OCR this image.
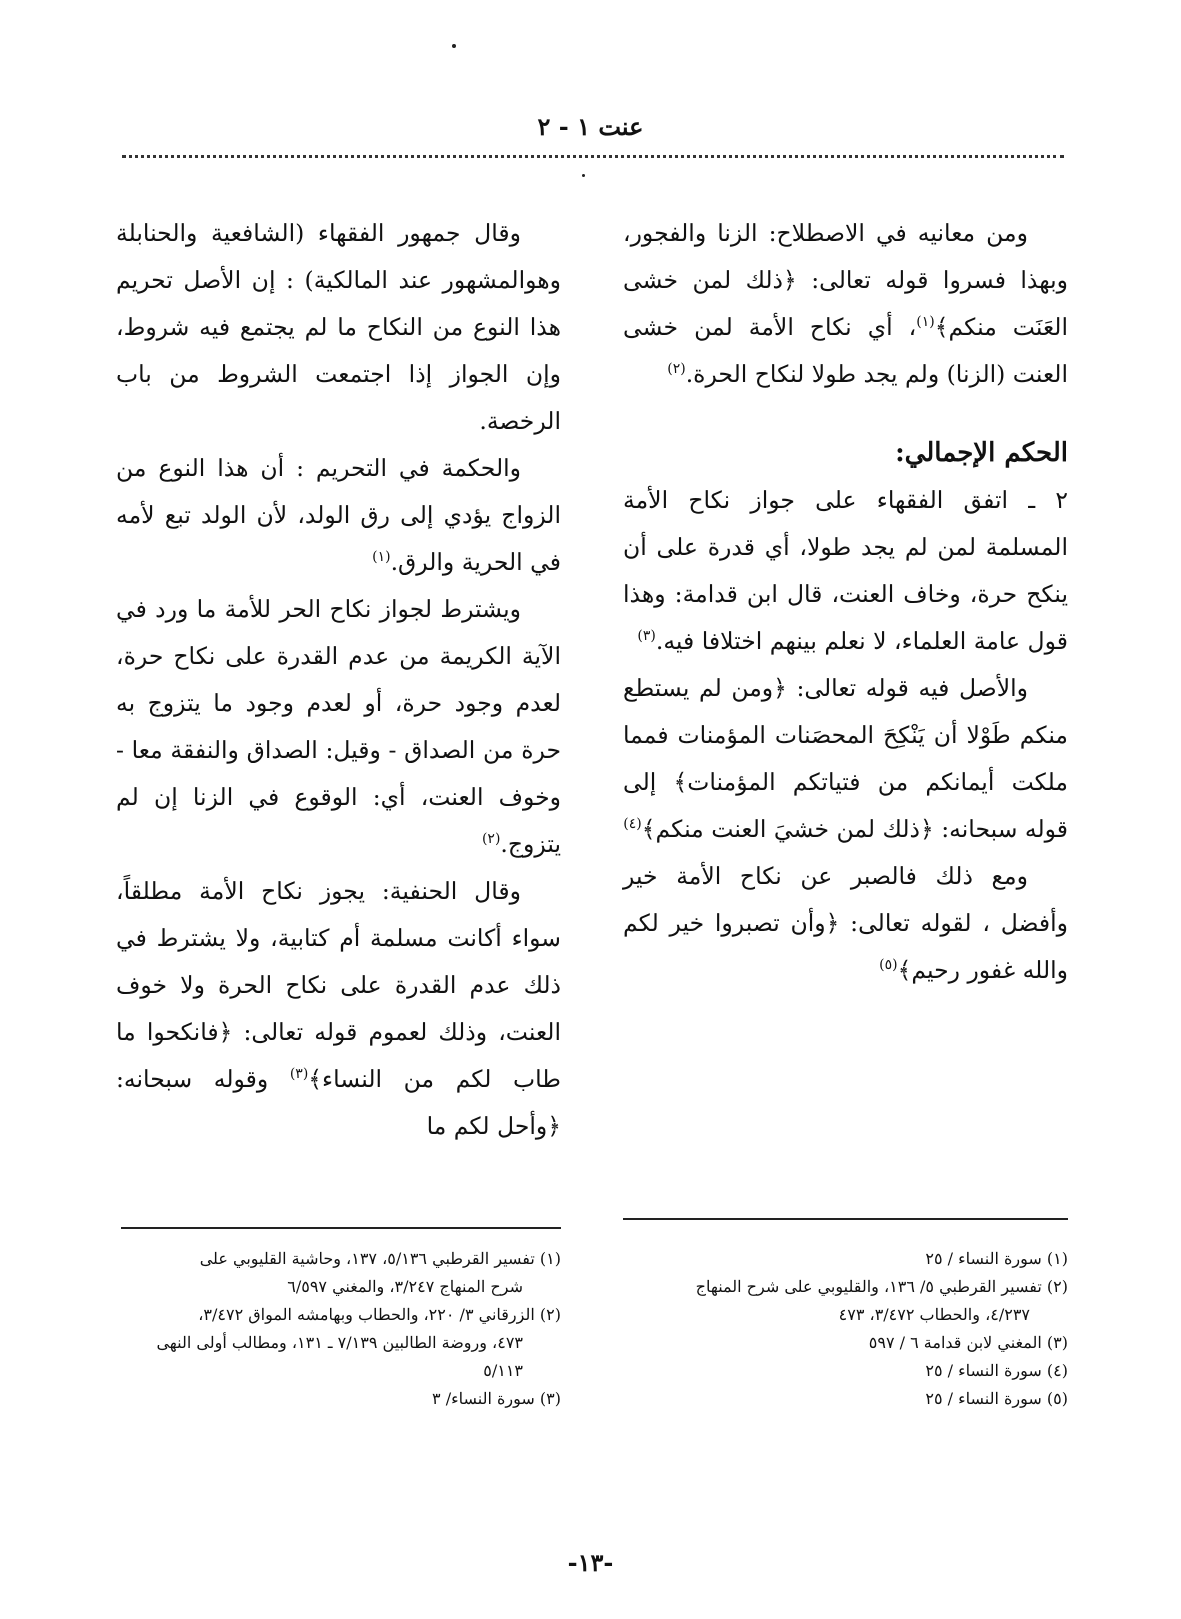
عنت ١ - ٢

ومن معانيه في الاصطلاح: الزنا والفجور، وبهذا فسروا قوله تعالى: ﴿ذلك لمن خشى العَنَت منكم﴾$^{(١)}$، أي نكاح الأمة لمن خشى العنت (الزنا) ولم يجد طولا لنكاح الحرة.$^{(٢)}$

الحكم الإجمالي:

٢ ـ اتفق الفقهاء على جواز نكاح الأمة المسلمة لمن لم يجد طولا، أي قدرة على أن ينكح حرة، وخاف العنت، قال ابن قدامة: وهذا قول عامة العلماء، لا نعلم بينهم اختلافا فيه.$^{(٣)}$

والأصل فيه قوله تعالى: ﴿ومن لم يستطع منكم طَوْلا أن يَنْكِحَ المحصَنات المؤمنات فمما ملكت أيمانكم من فتياتكم المؤمنات﴾ إلى قوله سبحانه: ﴿ذلك لمن خشيَ العنت منكم﴾$^{(٤)}$

ومع ذلك فالصبر عن نكاح الأمة خير وأفضل ، لقوله تعالى: ﴿وأن تصبروا خير لكم والله غفور رحيم﴾$^{(٥)}$

وقال جمهور الفقهاء (الشافعية والحنابلة وهوالمشهور عند المالكية) : إن الأصل تحريم هذا النوع من النكاح ما لم يجتمع فيه شروط، وإن الجواز إذا اجتمعت الشروط من باب الرخصة.

والحكمة في التحريم : أن هذا النوع من الزواج يؤدي إلى رق الولد، لأن الولد تبع لأمه في الحرية والرق.$^{(١)}$

ويشترط لجواز نكاح الحر للأمة ما ورد في الآية الكريمة من عدم القدرة على نكاح حرة، لعدم وجود حرة، أو لعدم وجود ما يتزوج به حرة من الصداق - وقيل: الصداق والنفقة معا - وخوف العنت، أي: الوقوع في الزنا إن لم يتزوج.$^{(٢)}$

وقال الحنفية: يجوز نكاح الأمة مطلقاً، سواء أكانت مسلمة أم كتابية، ولا يشترط في ذلك عدم القدرة على نكاح الحرة ولا خوف العنت، وذلك لعموم قوله تعالى: ﴿فانكحوا ما طاب لكم من النساء﴾$^{(٣)}$ وقوله سبحانه: ﴿وأحل لكم ما

(١) سورة النساء / ٢٥

(٢) تفسير القرطبي ٥/ ١٣٦، والقليوبي على شرح المنهاج
٤/٢٣٧، والحطاب ٣/٤٧٢، ٤٧٣

(٣) المغني لابن قدامة ٦ / ٥٩٧

(٤) سورة النساء / ٢٥

(٥) سورة النساء / ٢٥

(١) تفسير القرطبي ٥/١٣٦، ١٣٧، وحاشية القليوبي على
شرح المنهاج ٣/٢٤٧، والمغني ٦/٥٩٧

(٢) الزرقاني ٣/ ٢٢٠، والحطاب وبهامشه المواق ٣/٤٧٢،
٤٧٣، وروضة الطالبين ٧/١٣٩ ـ ١٣١، ومطالب أولى النهى ٥/١١٣

(٣) سورة النساء/ ٣

-١٣-
